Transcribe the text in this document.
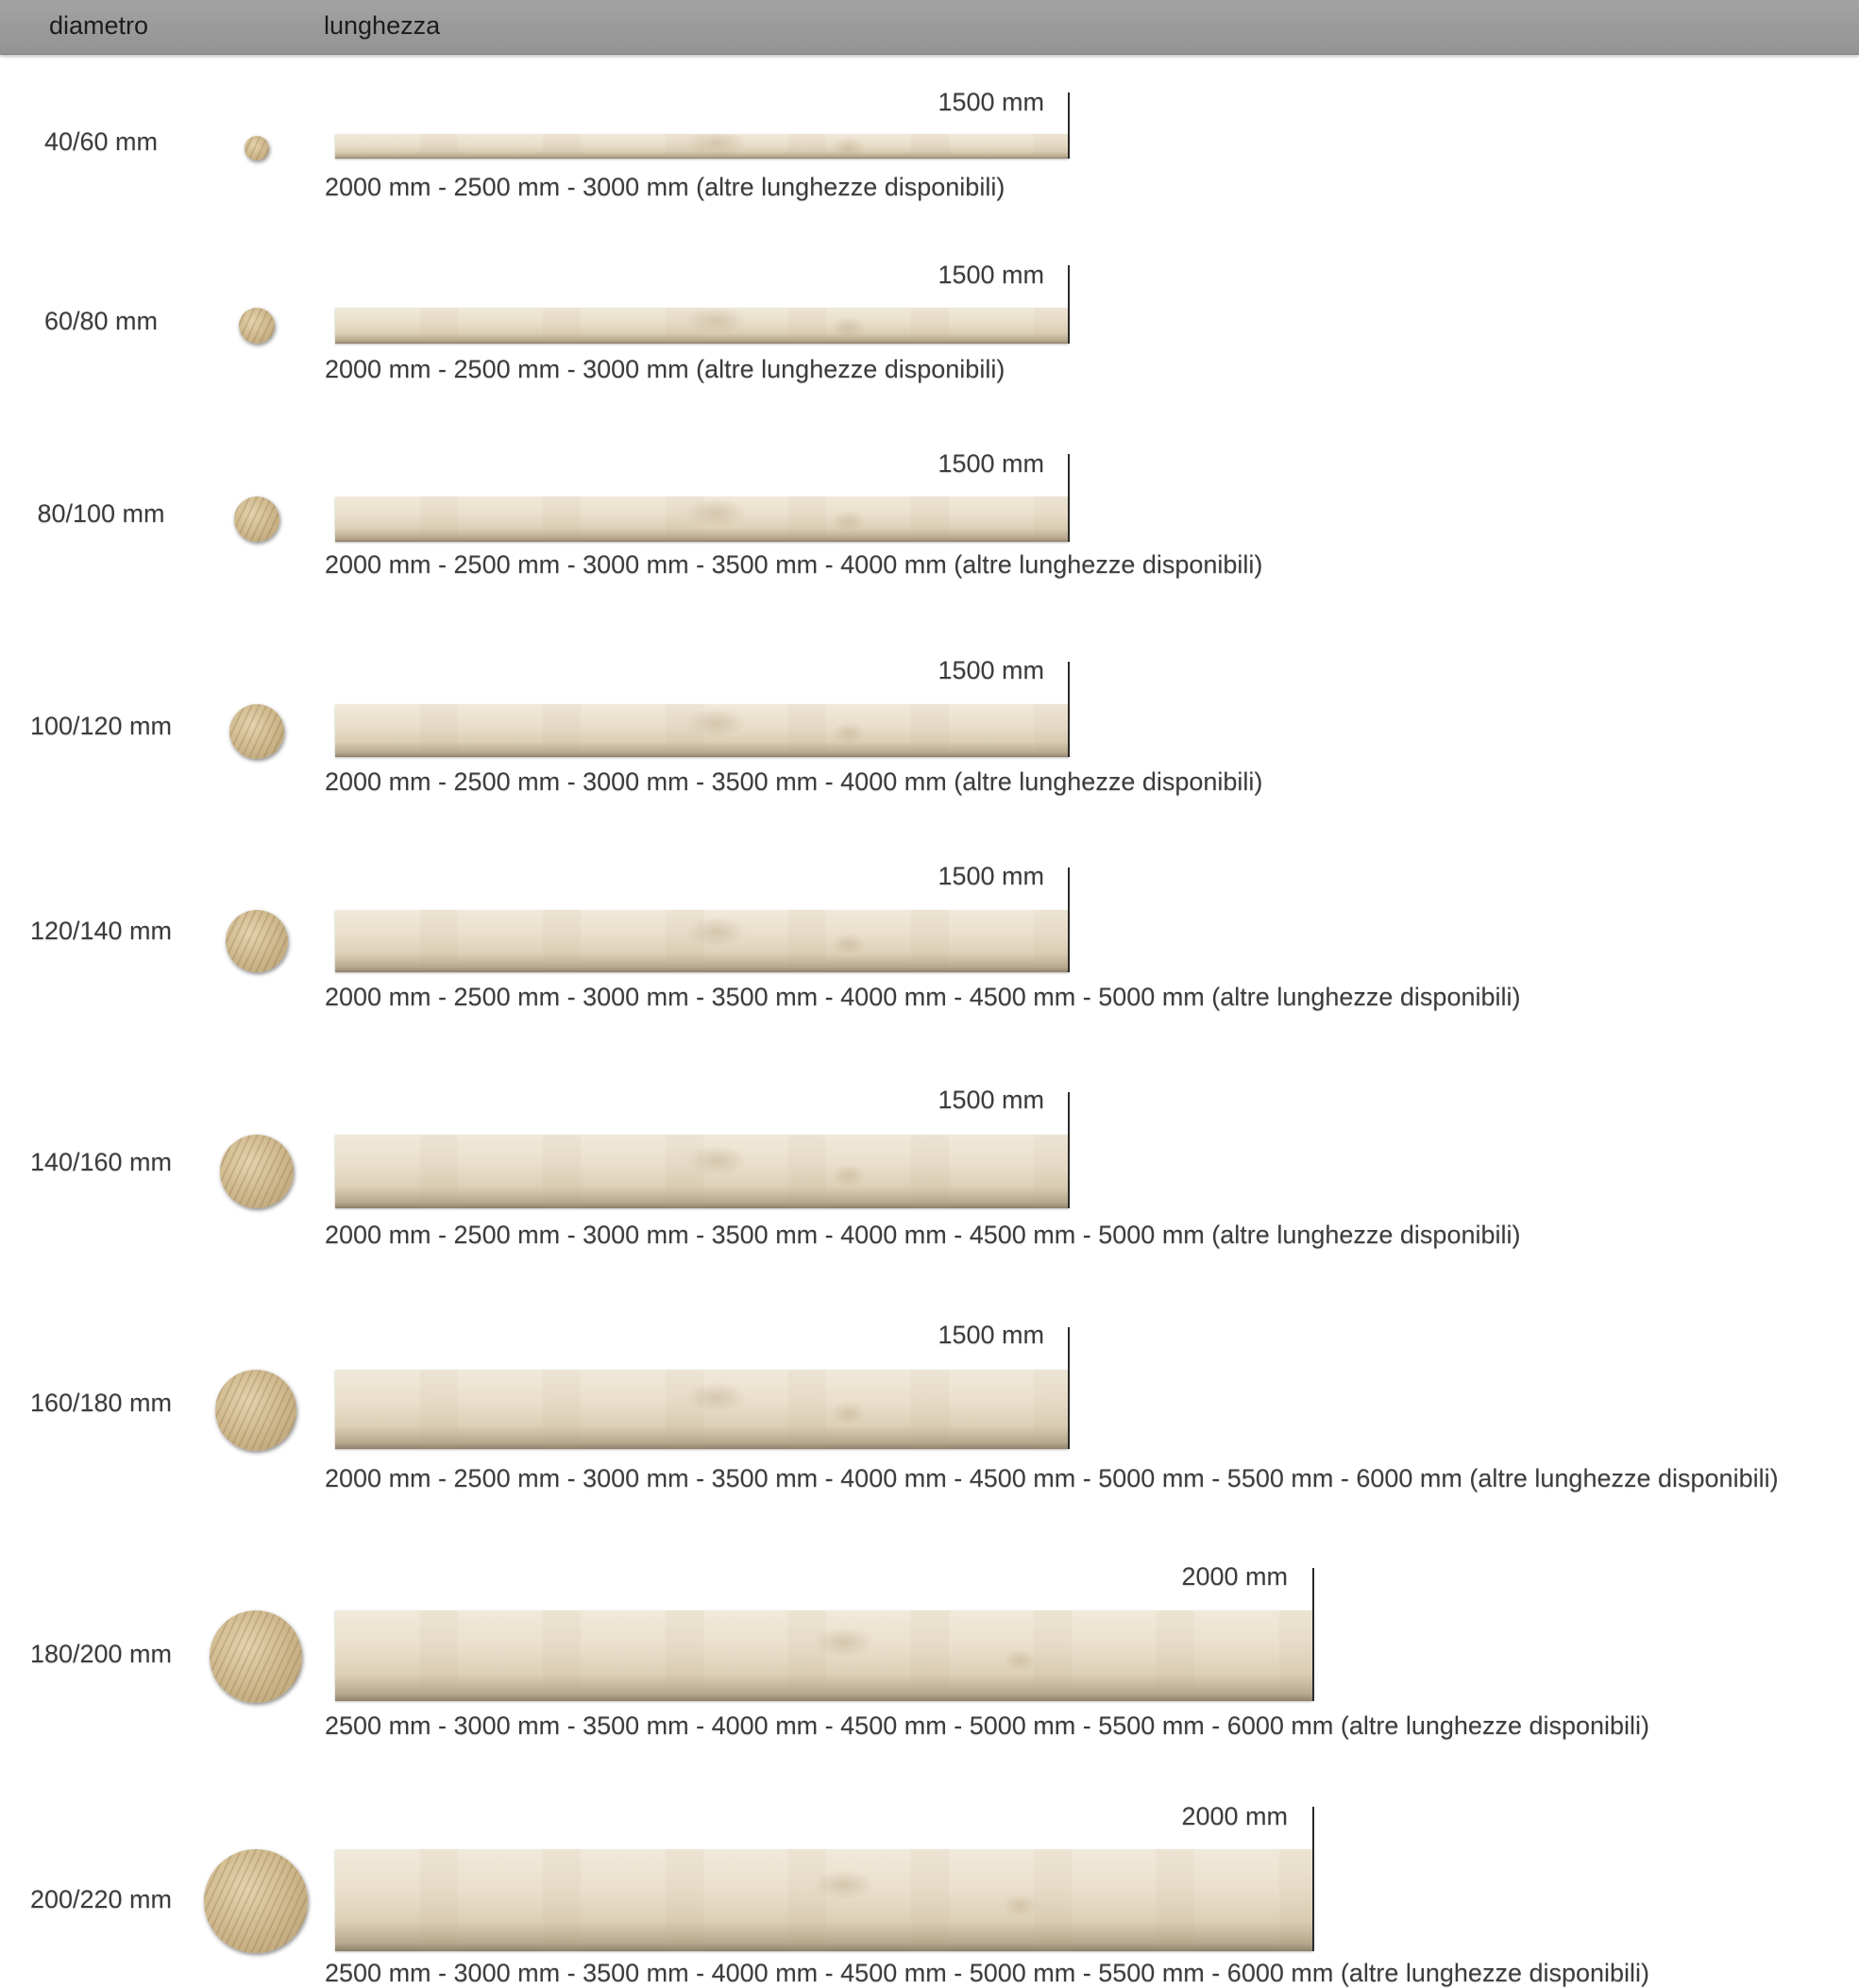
diametro	lunghezza
40/60 mm
1500 mm
2000 mm - 2500 mm - 3000 mm (altre lunghezze disponibili)
60/80 mm
1500 mm
2000 mm - 2500 mm - 3000 mm (altre lunghezze disponibili)
80/100 mm
1500 mm
2000 mm - 2500 mm - 3000 mm - 3500 mm - 4000 mm (altre lunghezze disponibili)
100/120 mm
1500 mm
2000 mm - 2500 mm - 3000 mm - 3500 mm - 4000 mm (altre lunghezze disponibili)
120/140 mm
1500 mm
2000 mm - 2500 mm - 3000 mm - 3500 mm - 4000 mm - 4500 mm - 5000 mm (altre lunghezze disponibili)
140/160 mm
1500 mm
2000 mm - 2500 mm - 3000 mm - 3500 mm - 4000 mm - 4500 mm - 5000 mm (altre lunghezze disponibili)
160/180 mm
1500 mm
2000 mm - 2500 mm - 3000 mm - 3500 mm - 4000 mm - 4500 mm - 5000 mm - 5500 mm - 6000 mm (altre lunghezze disponibili)
180/200 mm
2000 mm
2500 mm - 3000 mm - 3500 mm - 4000 mm - 4500 mm - 5000 mm - 5500 mm - 6000 mm (altre lunghezze disponibili)
200/220 mm
2000 mm
2500 mm - 3000 mm - 3500 mm - 4000 mm - 4500 mm - 5000 mm - 5500 mm - 6000 mm (altre lunghezze disponibili)
